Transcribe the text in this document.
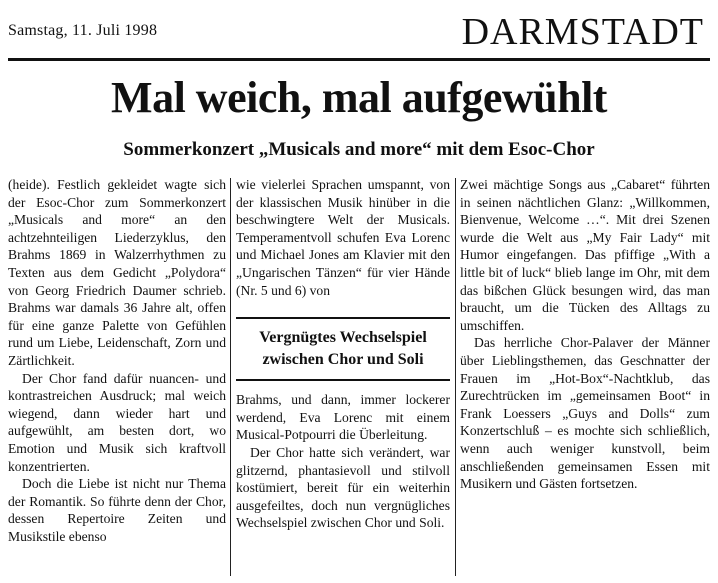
Samstag, 11. Juli 1998	DARMSTADT
Mal weich, mal aufgewühlt
Sommerkonzert „Musicals and more“ mit dem Esoc-Chor

(heide). Festlich gekleidet wagte sich der Esoc-Chor zum Sommerkonzert „Musicals and more“ an den achtzehnteiligen Liederzyklus, den Brahms 1869 in Walzerrhythmen zu Texten aus dem Gedicht „Polydora“ von Georg Friedrich Daumer schrieb. Brahms war damals 36 Jahre alt, offen für eine ganze Palette von Gefühlen rund um Liebe, Leidenschaft, Zorn und Zärtlichkeit.

Der Chor fand dafür nuancen- und kontrastreichen Ausdruck; mal weich wiegend, dann wieder hart und aufgewühlt, am besten dort, wo Emotion und Musik sich kraftvoll konzentrierten.

Doch die Liebe ist nicht nur Thema der Romantik. So führte denn der Chor, dessen Repertoire Zeiten und Musikstile ebenso

wie vielerlei Sprachen umspannt, von der klassischen Musik hinüber in die beschwingtere Welt der Musicals. Temperamentvoll schufen Eva Lorenc und Michael Jones am Klavier mit den „Ungarischen Tänzen“ für vier Hände (Nr. 5 und 6) von

Vergnügtes Wechselspiel zwischen Chor und Soli

Brahms, und dann, immer lockerer werdend, Eva Lorenc mit einem Musical-Potpourri die Überleitung.

Der Chor hatte sich verändert, war glitzernd, phantasievoll und stilvoll kostümiert, bereit für ein weiterhin ausgefeiltes, doch nun vergnügliches Wechselspiel zwischen Chor und Soli.

Zwei mächtige Songs aus „Cabaret“ führten in seinen nächtlichen Glanz: „Willkommen, Bienvenue, Welcome …“. Mit drei Szenen wurde die Welt aus „My Fair Lady“ mit Humor eingefangen. Das pfiffige „With a little bit of luck“ blieb lange im Ohr, mit dem das bißchen Glück besungen wird, das man braucht, um die Tücken des Alltags zu umschiffen.

Das herrliche Chor-Palaver der Männer über Lieblingsthemen, das Geschnatter der Frauen im „Hot-Box“-Nachtklub, das Zurechtrücken im „gemeinsamen Boot“ in Frank Loessers „Guys and Dolls“ zum Konzertschluß – es mochte sich schließlich, wenn auch weniger kunstvoll, beim anschließenden gemeinsamen Essen mit Musikern und Gästen fortsetzen.
